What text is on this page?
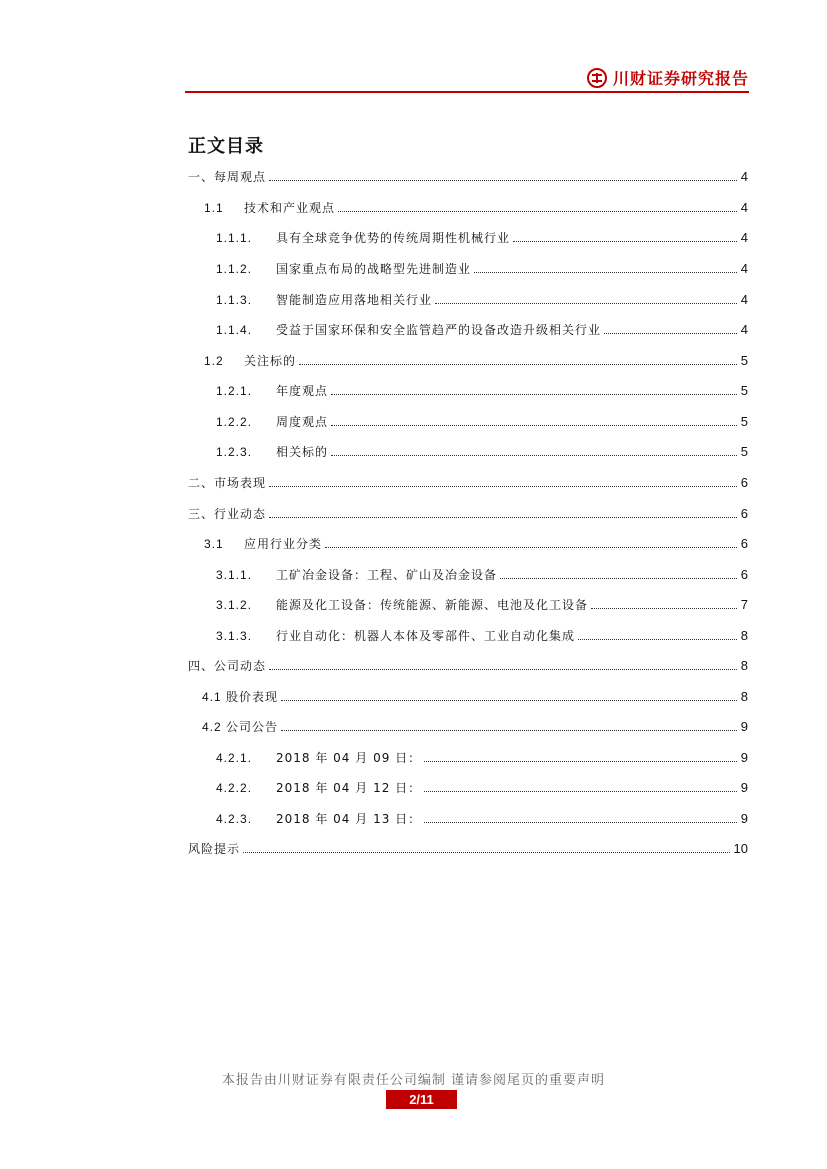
川财证券研究报告
正文目录
一、每周观点	4
1.1 技术和产业观点	4
1.1.1. 具有全球竞争优势的传统周期性机械行业	4
1.1.2. 国家重点布局的战略型先进制造业	4
1.1.3. 智能制造应用落地相关行业	4
1.1.4. 受益于国家环保和安全监管趋严的设备改造升级相关行业	4
1.2 关注标的	5
1.2.1. 年度观点	5
1.2.2. 周度观点	5
1.2.3. 相关标的	5
二、市场表现	6
三、行业动态	6
3.1 应用行业分类	6
3.1.1. 工矿冶金设备：工程、矿山及冶金设备	6
3.1.2. 能源及化工设备：传统能源、新能源、电池及化工设备	7
3.1.3. 行业自动化：机器人本体及零部件、工业自动化集成	8
四、公司动态	8
4.1 股价表现	8
4.2 公司公告	9
4.2.1. 2018 年 04 月 09 日：	9
4.2.2. 2018 年 04 月 12 日：	9
4.2.3. 2018 年 04 月 13 日：	9
风险提示	10
本报告由川财证券有限责任公司编制 谨请参阅尾页的重要声明
2/11
